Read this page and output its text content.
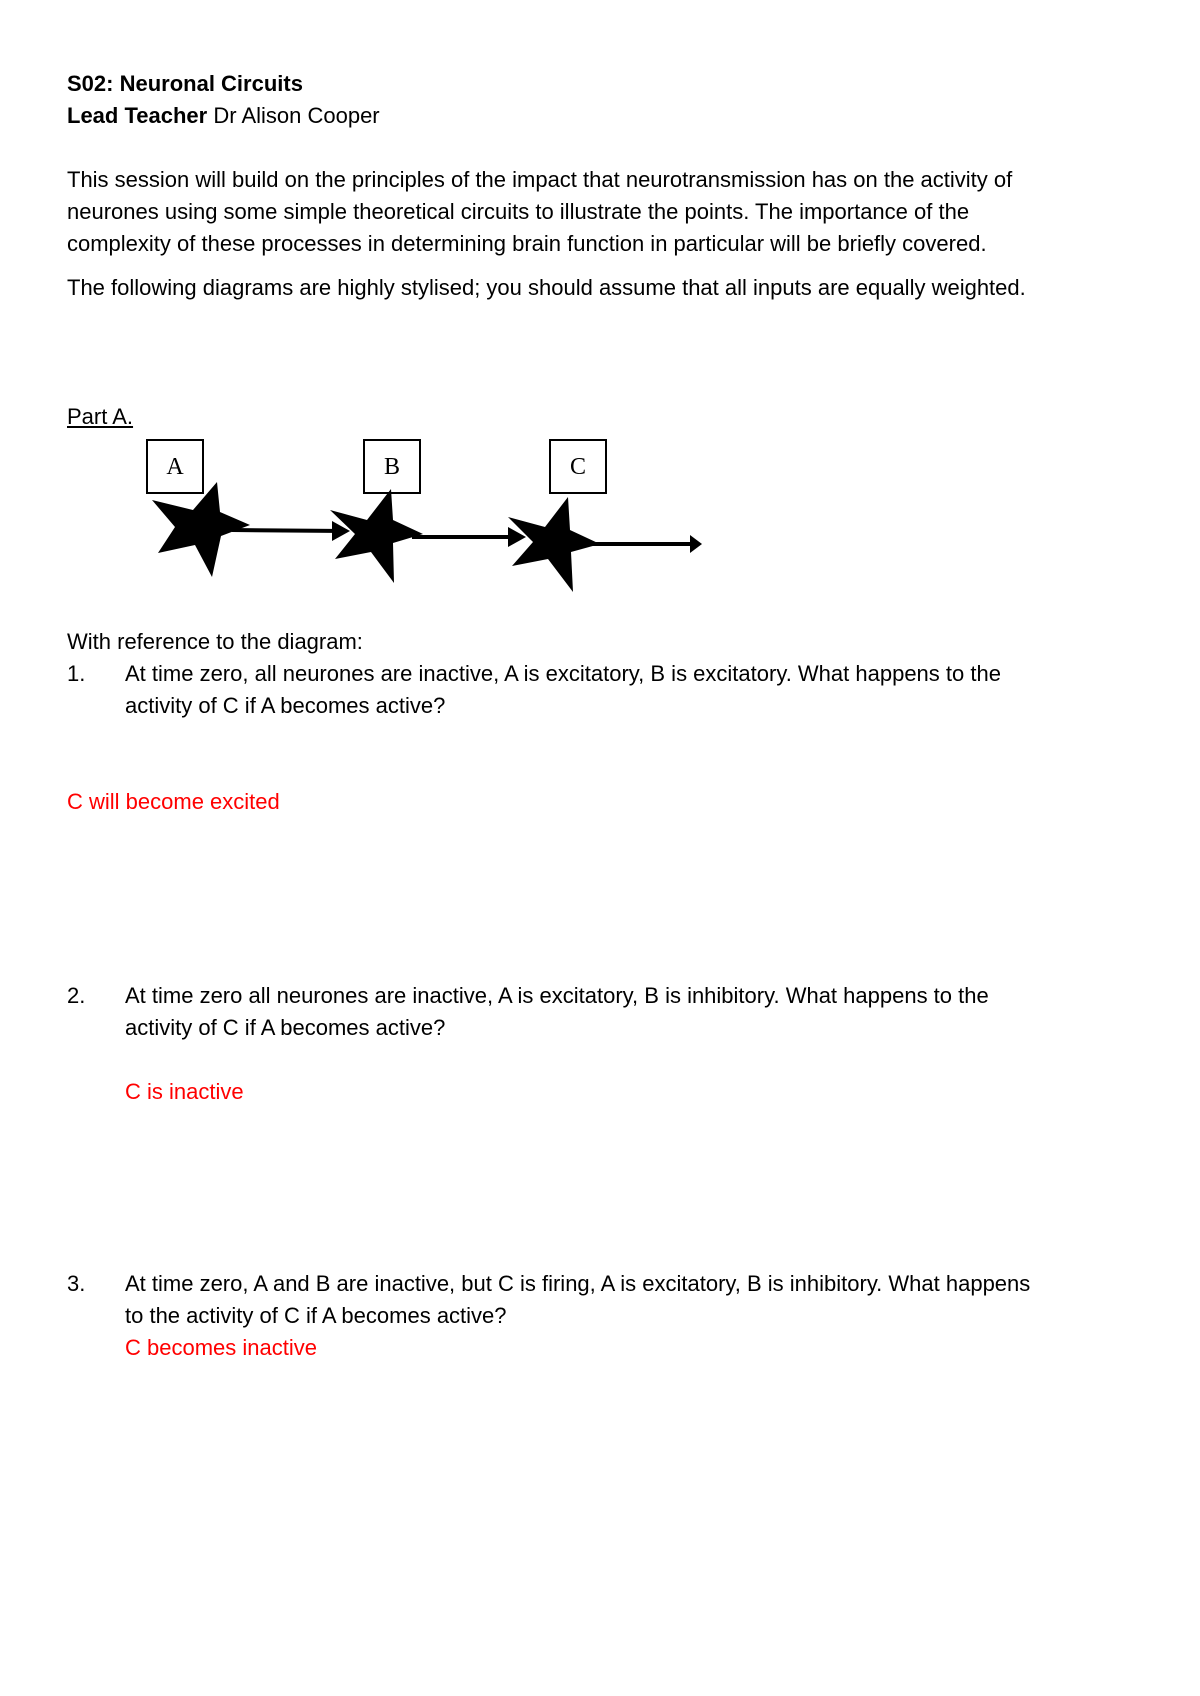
S02: Neuronal Circuits
Lead Teacher Dr Alison Cooper
This session will build on the principles of the impact that neurotransmission has on the activity of
neurones using some simple theoretical circuits to illustrate the points. The importance of the
complexity of these processes in determining brain function in particular will be briefly covered.
The following diagrams are highly stylised; you should assume that all inputs are equally weighted.
Part A.
A	B	C
With reference to the diagram:
1. At time zero, all neurones are inactive, A is excitatory, B is excitatory. What happens to the
activity of C if A becomes active?
C will become excited
2. At time zero all neurones are inactive, A is excitatory, B is inhibitory. What happens to the
activity of C if A becomes active?
C is inactive
3. At time zero, A and B are inactive, but C is firing, A is excitatory, B is inhibitory. What happens
to the activity of C if A becomes active?
C becomes inactive
